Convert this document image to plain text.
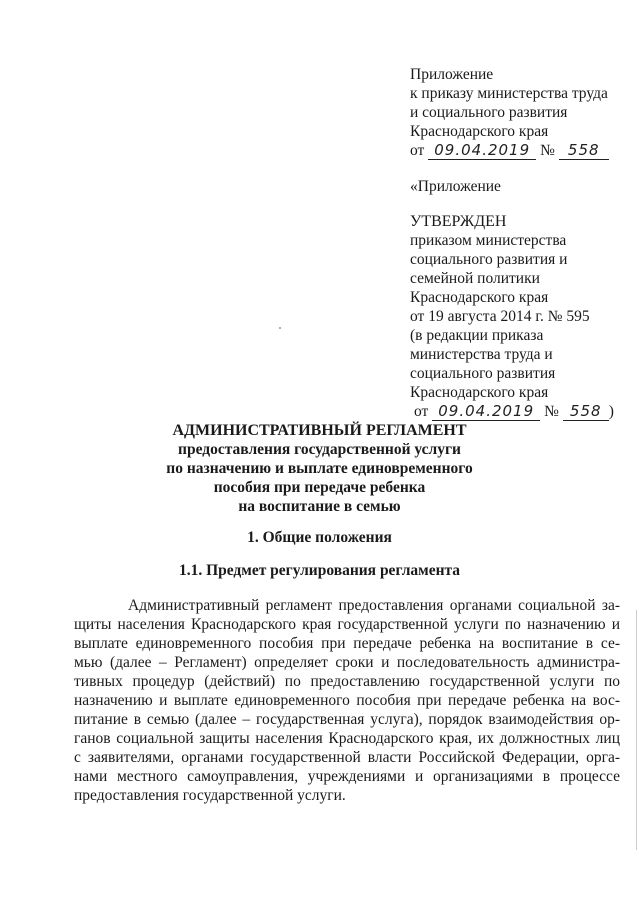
Приложение
к приказу министерства труда
и социального развития
Краснодарского края
от 09.04.2019 № 558
«Приложение
УТВЕРЖДЕН
приказом министерства
социального развития и
семейной политики
Краснодарского края
от 19 августа 2014 г. № 595
(в редакции приказа
министерства труда и
социального развития
Краснодарского края
от 09.04.2019 № 558 )
АДМИНИСТРАТИВНЫЙ РЕГЛАМЕНТ
предоставления государственной услуги
по назначению и выплате единовременного
пособия при передаче ребенка
на воспитание в семью
1. Общие положения
1.1. Предмет регулирования регламента
Административный регламент предоставления органами социальной за-
щиты населения Краснодарского края государственной услуги по назначению и
выплате единовременного пособия при передаче ребенка на воспитание в се-
мью (далее – Регламент) определяет сроки и последовательность администра-
тивных процедур (действий) по предоставлению государственной услуги по
назначению и выплате единовременного пособия при передаче ребенка на вос-
питание в семью (далее – государственная услуга), порядок взаимодействия ор-
ганов социальной защиты населения Краснодарского края, их должностных лиц
с заявителями, органами государственной власти Российской Федерации, орга-
нами местного самоуправления, учреждениями и организациями в процессе
предоставления государственной услуги.
